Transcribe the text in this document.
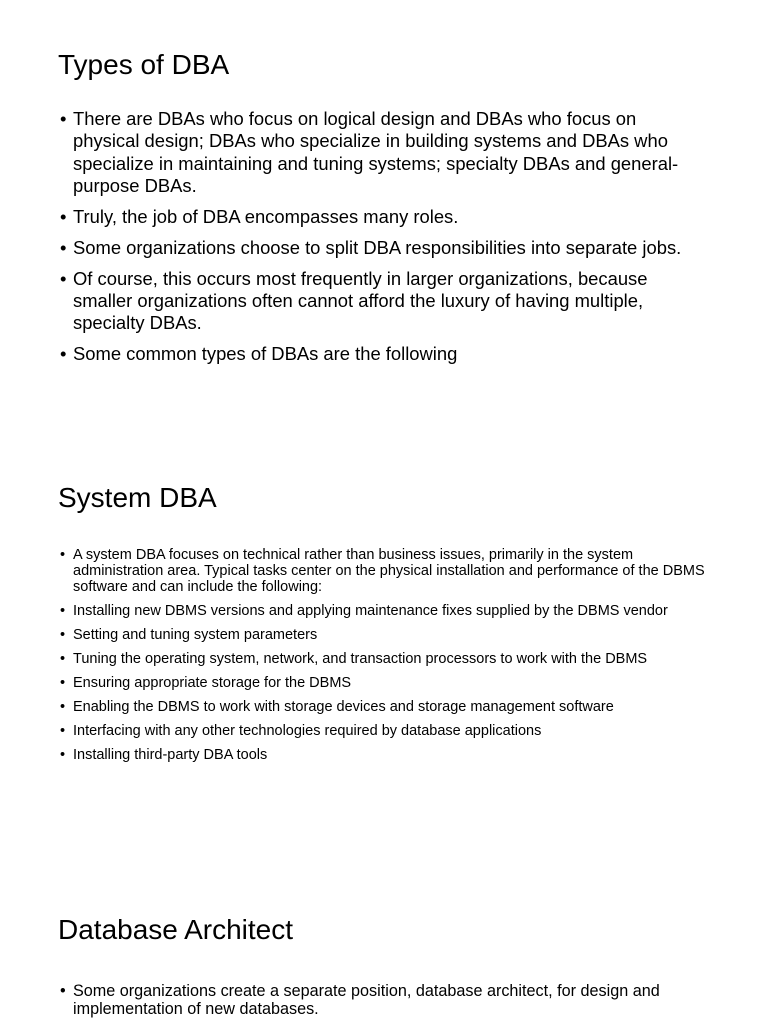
Types of DBA
• There are DBAs who focus on logical design and DBAs who focus on physical design; DBAs who specialize in building systems and DBAs who specialize in maintaining and tuning systems; specialty DBAs and general-purpose DBAs.
• Truly, the job of DBA encompasses many roles.
• Some organizations choose to split DBA responsibilities into separate jobs.
• Of course, this occurs most frequently in larger organizations, because smaller organizations often cannot afford the luxury of having multiple, specialty DBAs.
• Some common types of DBAs are the following
System DBA
• A system DBA focuses on technical rather than business issues, primarily in the system administration area. Typical tasks center on the physical installation and performance of the DBMS software and can include the following:
• Installing new DBMS versions and applying maintenance fixes supplied by the DBMS vendor
• Setting and tuning system parameters
• Tuning the operating system, network, and transaction processors to work with the DBMS
• Ensuring appropriate storage for the DBMS
• Enabling the DBMS to work with storage devices and storage management software
• Interfacing with any other technologies required by database applications
• Installing third-party DBA tools
Database Architect
• Some organizations create a separate position, database architect, for design and implementation of new databases.
